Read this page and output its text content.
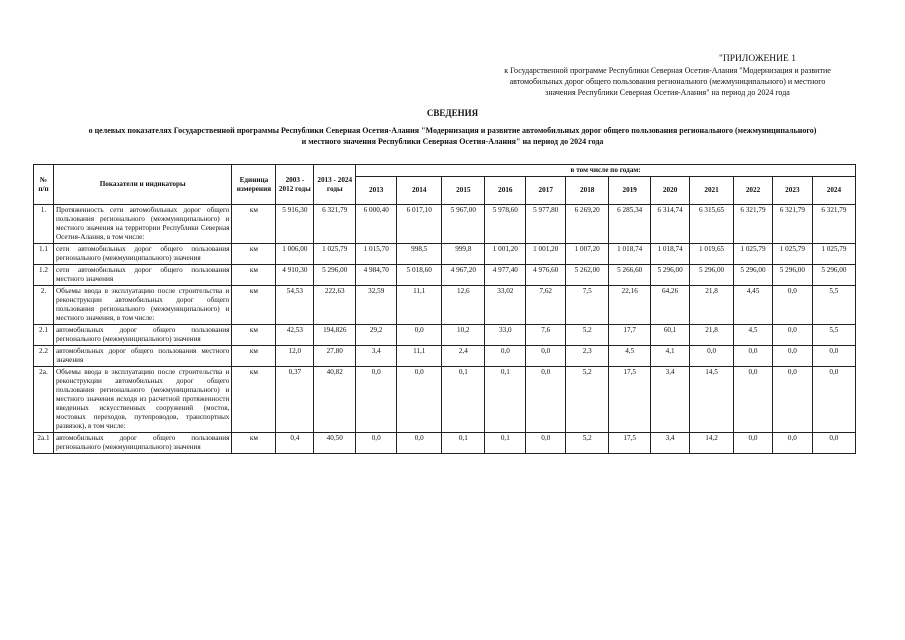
"ПРИЛОЖЕНИЕ 1
к Государственной программе Республики Северная Осетия-Алания "Модернизация и развитие
автомобильных дорог общего пользования регионального (межмуниципального) и местного
значения Республики Северная Осетия-Алания" на период до 2024 года
СВЕДЕНИЯ
о целевых показателях Государственной программы Республики Северная Осетия-Алания "Модернизация и развитие автомобильных дорог общего пользования регионального (межмуниципального)
и местного значения Республики Северная Осетия-Алания" на период до 2024 года
№ п/п	Показатели и индикаторы	Единица измерения	2003 - 2012 годы	2013 - 2024 годы	в том числе по годам:											
					2013	2014	2015	2016	2017	2018	2019	2020	2021	2022	2023	2024
1.	Протяженность сети автомобильных дорог общего пользования регионального (межмуниципального) и местного значения на территории Республики Северная Осетия-Алания, в том числе:	км	5 916,30	6 321,79	6 000,40	6 017,10	5 967,00	5 978,60	5 977,80	6 269,20	6 285,34	6 314,74	6 315,65	6 321,79	6 321,79	6 321,79
1.1	сети автомобильных дорог общего пользования регионального (межмуниципального) значения	км	1 006,00	1 025,79	1 015,70	998,5	999,8	1 001,20	1 001,20	1 007,20	1 018,74	1 018,74	1 019,65	1 025,79	1 025,79	1 025,79
1.2	сети автомобильных дорог общего пользования местного значения	км	4 910,30	5 296,00	4 984,70	5 018,60	4 967,20	4 977,40	4 976,60	5 262,00	5 266,60	5 296,00	5 296,00	5 296,00	5 296,00	5 296,00
2.	Объемы ввода в эксплуатацию после строительства и реконструкции автомобильных дорог общего пользования регионального (межмуниципального) и местного значения, в том числе:	км	54,53	222,63	32,59	11,1	12,6	33,02	7,62	7,5	22,16	64,26	21,8	4,45	0,0	5,5
2.1	автомобильных дорог общего пользования регионального (межмуниципального) значения	км	42,53	194,826	29,2	0,0	10,2	33,0	7,6	5,2	17,7	60,1	21,8	4,5	0,0	5,5
2.2	автомобильных дорог общего пользования местного значения	км	12,0	27,80	3,4	11,1	2,4	0,0	0,0	2,3	4,5	4,1	0,0	0,0	0,0	0,0
2а.	Объемы ввода в эксплуатацию после строительства и реконструкции автомобильных дорог общего пользования регионального (межмуниципального) и местного значения исходя из расчетной протяженности введенных искусственных сооружений (мостов, мостовых переходов, путепроводов, транспортных развязок), в том числе:	км	0,37	40,82	0,0	0,0	0,1	0,1	0,0	5,2	17,5	3,4	14,5	0,0	0,0	0,0
2а.1	автомобильных дорог общего пользования регионального (межмуниципального) значения	км	0,4	40,50	0,0	0,0	0,1	0,1	0,0	5,2	17,5	3,4	14,2	0,0	0,0	0,0
